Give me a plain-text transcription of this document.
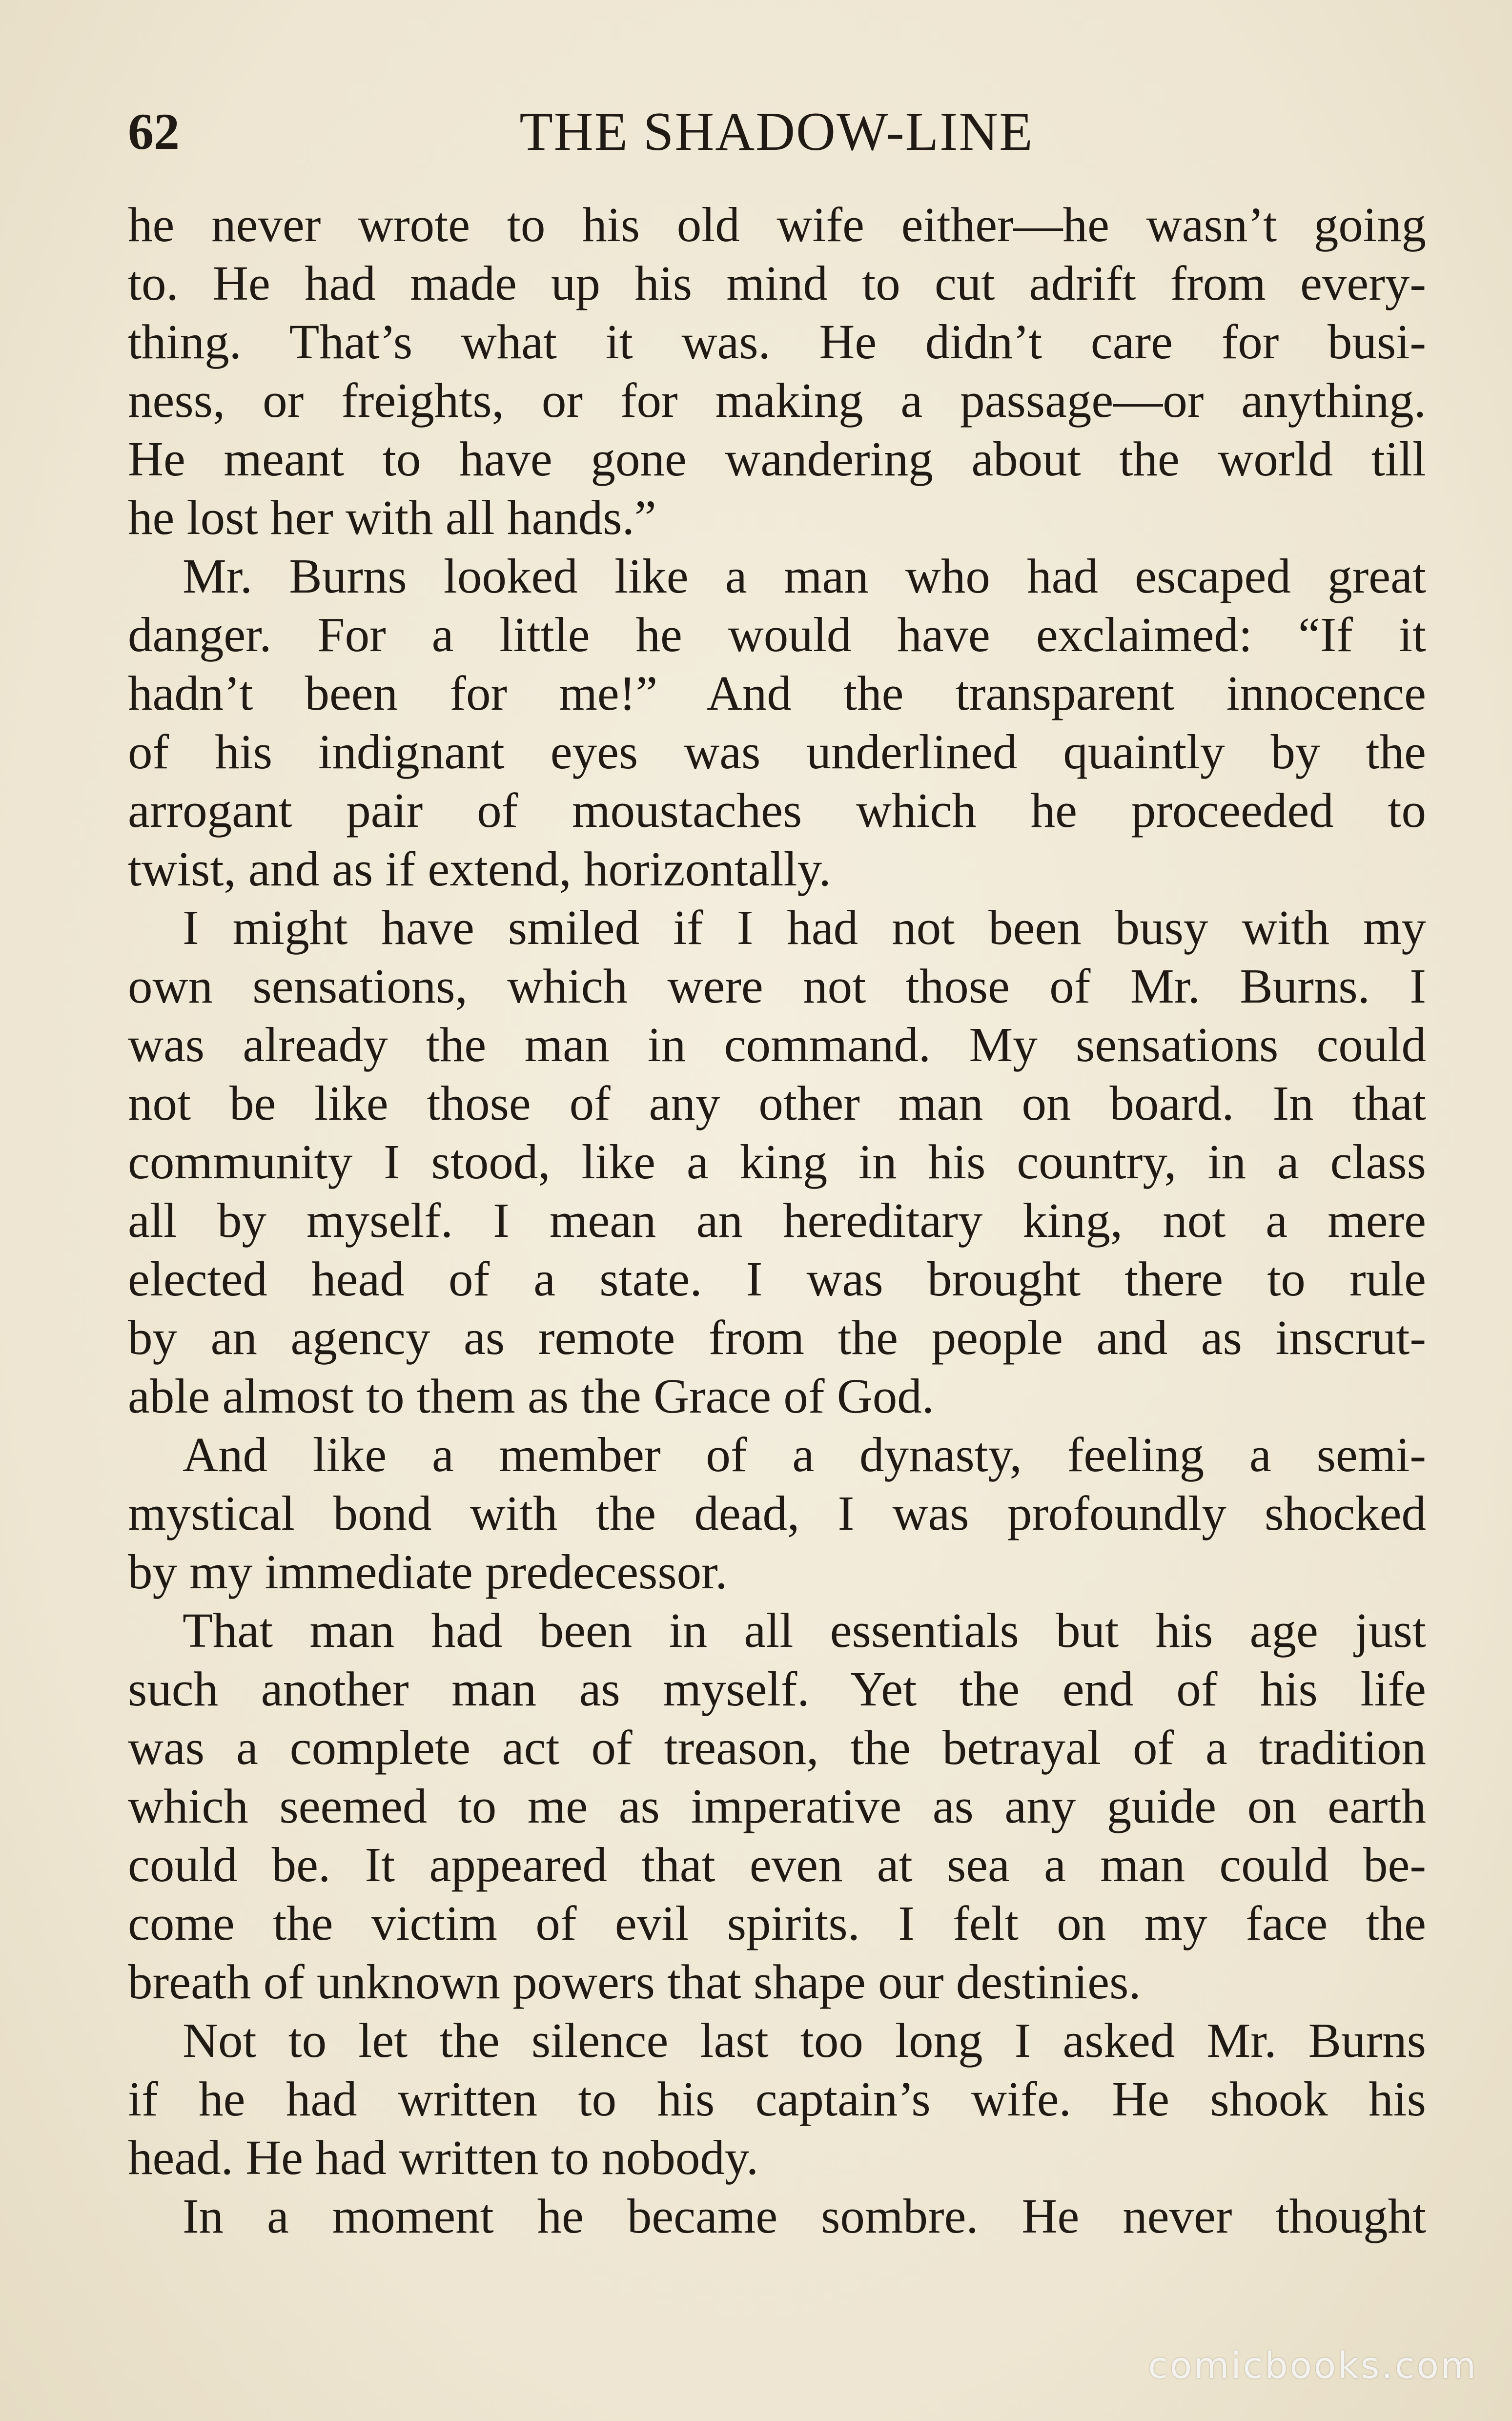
62	THE SHADOW-LINE
he never wrote to his old wife either—he wasn’t going
to. He had made up his mind to cut adrift from every-
thing. That’s what it was. He didn’t care for busi-
ness, or freights, or for making a passage—or anything.
He meant to have gone wandering about the world till
he lost her with all hands.”
Mr. Burns looked like a man who had escaped great
danger. For a little he would have exclaimed: “If it
hadn’t been for me!” And the transparent innocence
of his indignant eyes was underlined quaintly by the
arrogant pair of moustaches which he proceeded to
twist, and as if extend, horizontally.
I might have smiled if I had not been busy with my
own sensations, which were not those of Mr. Burns. I
was already the man in command. My sensations could
not be like those of any other man on board. In that
community I stood, like a king in his country, in a class
all by myself. I mean an hereditary king, not a mere
elected head of a state. I was brought there to rule
by an agency as remote from the people and as inscrut-
able almost to them as the Grace of God.
And like a member of a dynasty, feeling a semi-
mystical bond with the dead, I was profoundly shocked
by my immediate predecessor.
That man had been in all essentials but his age just
such another man as myself. Yet the end of his life
was a complete act of treason, the betrayal of a tradition
which seemed to me as imperative as any guide on earth
could be. It appeared that even at sea a man could be-
come the victim of evil spirits. I felt on my face the
breath of unknown powers that shape our destinies.
Not to let the silence last too long I asked Mr. Burns
if he had written to his captain’s wife. He shook his
head. He had written to nobody.
In a moment he became sombre. He never thought
comicbooks.com
